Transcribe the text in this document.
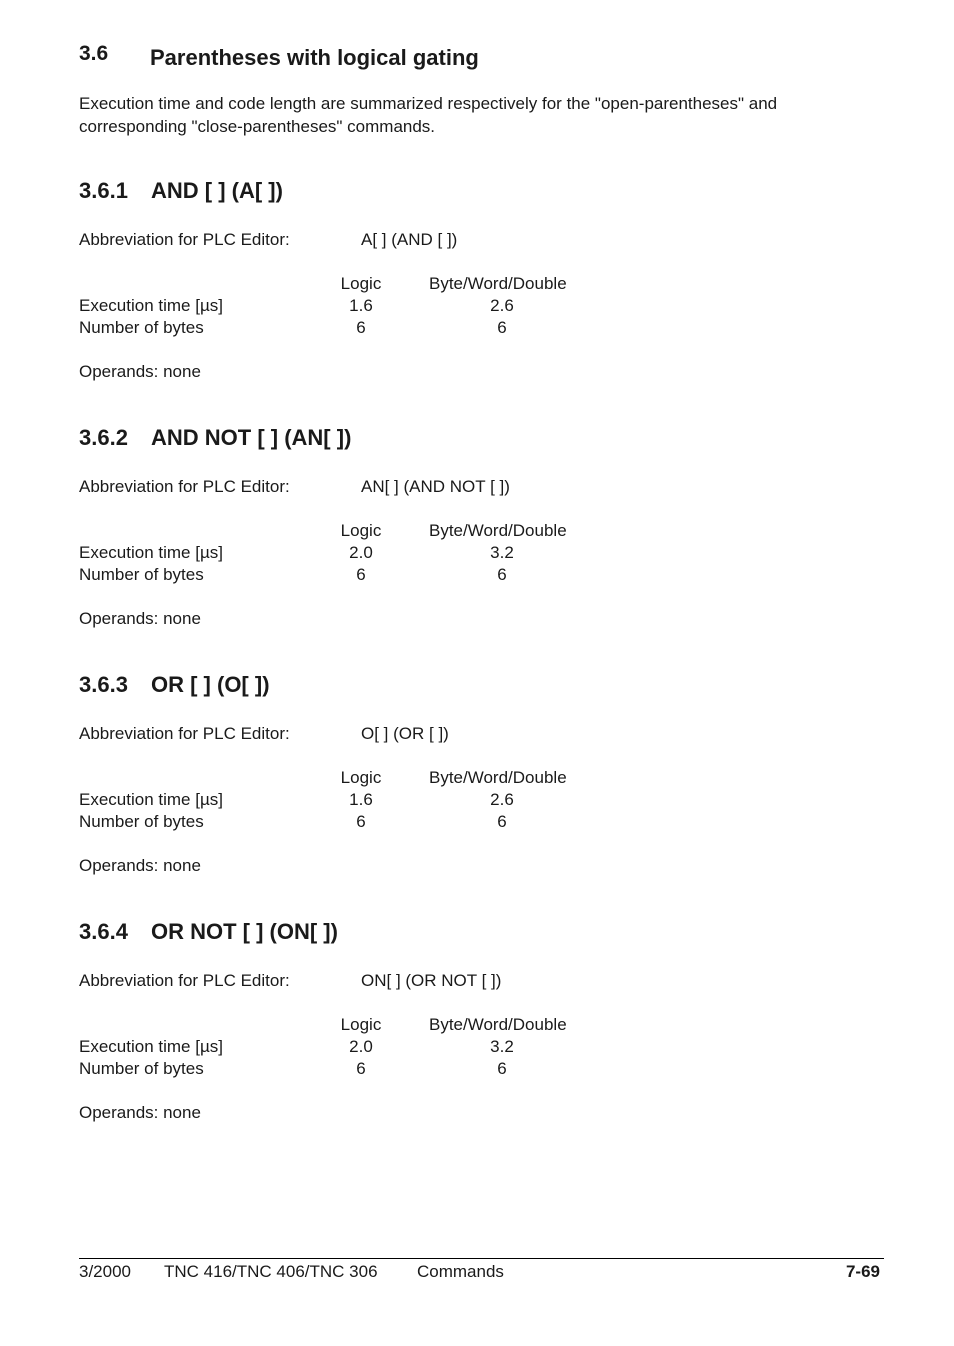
3.6 Parentheses with logical gating
Execution time and code length are summarized respectively for the "open-parentheses" and
corresponding "close-parentheses" commands.
3.6.1 AND [ ] (A[ ])
Abbreviation for PLC Editor:	A[ ] (AND [ ])
Logic	Byte/Word/Double
Execution time [µs]	1.6	2.6
Number of bytes	6	6
Operands: none
3.6.2 AND NOT [ ] (AN[ ])
Abbreviation for PLC Editor:	AN[ ] (AND NOT [ ])
Logic	Byte/Word/Double
Execution time [µs]	2.0	3.2
Number of bytes	6	6
Operands: none
3.6.3 OR [ ] (O[ ])
Abbreviation for PLC Editor:	O[ ] (OR [ ])
Logic	Byte/Word/Double
Execution time [µs]	1.6	2.6
Number of bytes	6	6
Operands: none
3.6.4 OR NOT [ ] (ON[ ])
Abbreviation for PLC Editor:	ON[ ] (OR NOT [ ])
Logic	Byte/Word/Double
Execution time [µs]	2.0	3.2
Number of bytes	6	6
Operands: none
3/2000 TNC 416/TNC 406/TNC 306 Commands	7-69
